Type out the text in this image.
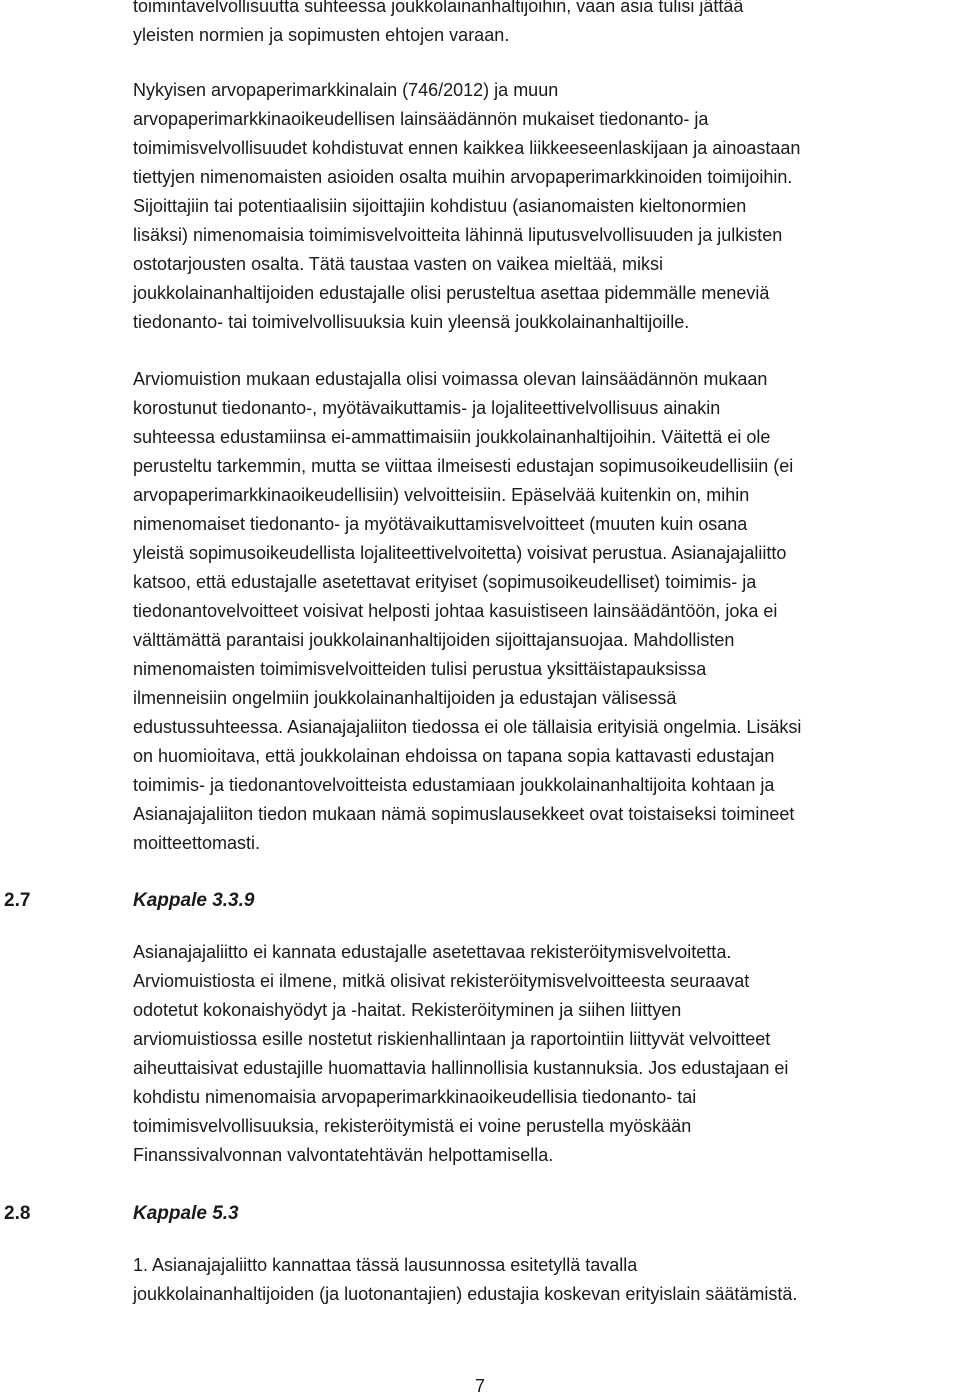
toimintavelvollisuutta suhteessa joukkolainanhaltijoihin, vaan asia tulisi jättää
yleisten normien ja sopimusten ehtojen varaan.
Nykyisen arvopaperimarkkinalain (746/2012) ja muun
arvopaperimarkkinaoikeudellisen lainsäädännön mukaiset tiedonanto- ja
toimimisvelvollisuudet kohdistuvat ennen kaikkea liikkeeseenlaskijaan ja ainoastaan
tiettyjen nimenomaisten asioiden osalta muihin arvopaperimarkkinoiden toimijoihin.
Sijoittajiin tai potentiaalisiin sijoittajiin kohdistuu (asianomaisten kieltonormien
lisäksi) nimenomaisia toimimisvelvoitteita lähinnä liputusvelvollisuuden ja julkisten
ostotarjousten osalta. Tätä taustaa vasten on vaikea mieltää, miksi
joukkolainanhaltijoiden edustajalle olisi perusteltua asettaa pidemmälle meneviä
tiedonanto- tai toimivelvollisuuksia kuin yleensä joukkolainanhaltijoille.
Arviomuistion mukaan edustajalla olisi voimassa olevan lainsäädännön mukaan
korostunut tiedonanto-, myötävaikuttamis- ja lojaliteettivelvollisuus ainakin
suhteessa edustamiinsa ei-ammattimaisiin joukkolainanhaltijoihin. Väitettä ei ole
perusteltu tarkemmin, mutta se viittaa ilmeisesti edustajan sopimusoikeudellisiin (ei
arvopaperimarkkinaoikeudellisiin) velvoitteisiin. Epäselvää kuitenkin on, mihin
nimenomaiset tiedonanto- ja myötävaikuttamisvelvoitteet (muuten kuin osana
yleistä sopimusoikeudellista lojaliteettivelvoitetta) voisivat perustua. Asianajajaliitto
katsoo, että edustajalle asetettavat erityiset (sopimusoikeudelliset) toimimis- ja
tiedonantovelvoitteet voisivat helposti johtaa kasuistiseen lainsäädäntöön, joka ei
välttämättä parantaisi joukkolainanhaltijoiden sijoittajansuojaa. Mahdollisten
nimenomaisten toimimisvelvoitteiden tulisi perustua yksittäistapauksissa
ilmenneisiin ongelmiin joukkolainanhaltijoiden ja edustajan välisessä
edustussuhteessa. Asianajajaliiton tiedossa ei ole tällaisia erityisiä ongelmia. Lisäksi
on huomioitava, että joukkolainan ehdoissa on tapana sopia kattavasti edustajan
toimimis- ja tiedonantovelvoitteista edustamiaan joukkolainanhaltijoita kohtaan ja
Asianajajaliiton tiedon mukaan nämä sopimuslausekkeet ovat toistaiseksi toimineet
moitteettomasti.
2.7	Kappale 3.3.9
Asianajajaliitto ei kannata edustajalle asetettavaa rekisteröitymisvelvoitetta.
Arviomuistiosta ei ilmene, mitkä olisivat rekisteröitymisvelvoitteesta seuraavat
odotetut kokonaishyödyt ja -haitat. Rekisteröityminen ja siihen liittyen
arviomuistiossa esille nostetut riskienhallintaan ja raportointiin liittyvät velvoitteet
aiheuttaisivat edustajille huomattavia hallinnollisia kustannuksia. Jos edustajaan ei
kohdistu nimenomaisia arvopaperimarkkinaoikeudellisia tiedonanto- tai
toimimisvelvollisuuksia, rekisteröitymistä ei voine perustella myöskään
Finanssivalvonnan valvontatehtävän helpottamisella.
2.8	Kappale 5.3
1. Asianajajaliitto kannattaa tässä lausunnossa esitetyllä tavalla
joukkolainanhaltijoiden (ja luotonantajien) edustajia koskevan erityislain säätämistä.
7
